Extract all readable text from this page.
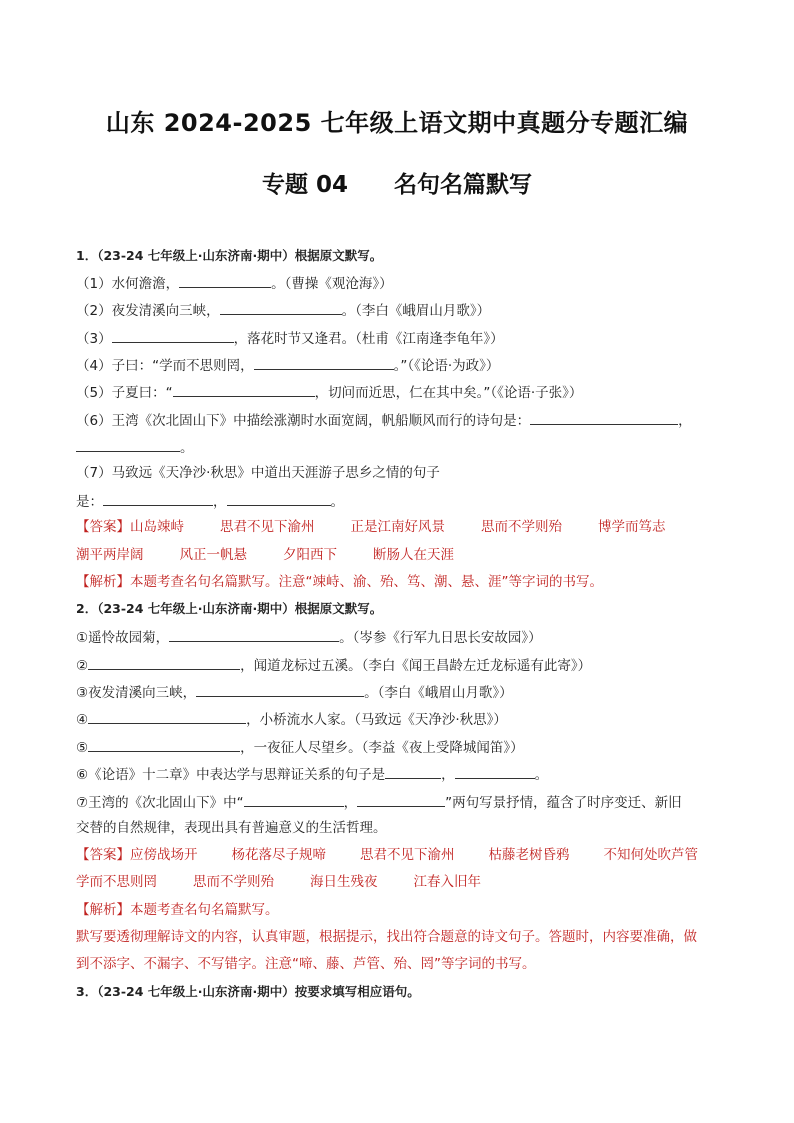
山东 2024-2025 七年级上语文期中真题分专题汇编
专题 04 名句名篇默写
1．（23-24 七年级上·山东济南·期中）根据原文默写。
（1）水何澹澹，	。（曹操《观沧海》）
（2）夜发清溪向三峡，	。（李白《峨眉山月歌》）
（3）	，落花时节又逢君。（杜甫《江南逢李龟年》）
（4）子曰：“学而不思则罔，	。”（《论语·为政》）
（5）子夏曰：“	，切问而近思，仁在其中矣。”（《论语·子张》）
（6）王湾《次北固山下》中描绘涨潮时水面宽阔，帆船顺风而行的诗句是：	，
。
（7）马致远《天净沙·秋思》中道出天涯游子思乡之情的句子
是：	，	。
【答案】山岛竦峙	思君不见下渝州	正是江南好风景	思而不学则殆	博学而笃志
潮平两岸阔	风正一帆悬	夕阳西下	断肠人在天涯
【解析】本题考查名句名篇默写。注意“竦峙、渝、殆、笃、潮、悬、涯”等字词的书写。
2．（23-24 七年级上·山东济南·期中）根据原文默写。
①遥怜故园菊，	。（岑参《行军九日思长安故园》）
②	，闻道龙标过五溪。（李白《闻王昌龄左迁龙标遥有此寄》）
③夜发清溪向三峡，	。（李白《峨眉山月歌》）
④	，小桥流水人家。（马致远《天净沙·秋思》）
⑤	，一夜征人尽望乡。（李益《夜上受降城闻笛》）
⑥《论语》十二章》中表达学与思辩证关系的句子是	，	。
⑦王湾的《次北固山下》中“	，	”两句写景抒情，蕴含了时序变迁、新旧
交替的自然规律，表现出具有普遍意义的生活哲理。
【答案】应傍战场开	杨花落尽子规啼	思君不见下渝州	枯藤老树昏鸦	不知何处吹芦管
学而不思则罔	思而不学则殆	海日生残夜	江春入旧年
【解析】本题考查名句名篇默写。
默写要透彻理解诗文的内容，认真审题，根据提示，找出符合题意的诗文句子。答题时，内容要准确，做
到不添字、不漏字、不写错字。注意“啼、藤、芦管、殆、罔”等字词的书写。
3．（23-24 七年级上·山东济南·期中）按要求填写相应语句。
